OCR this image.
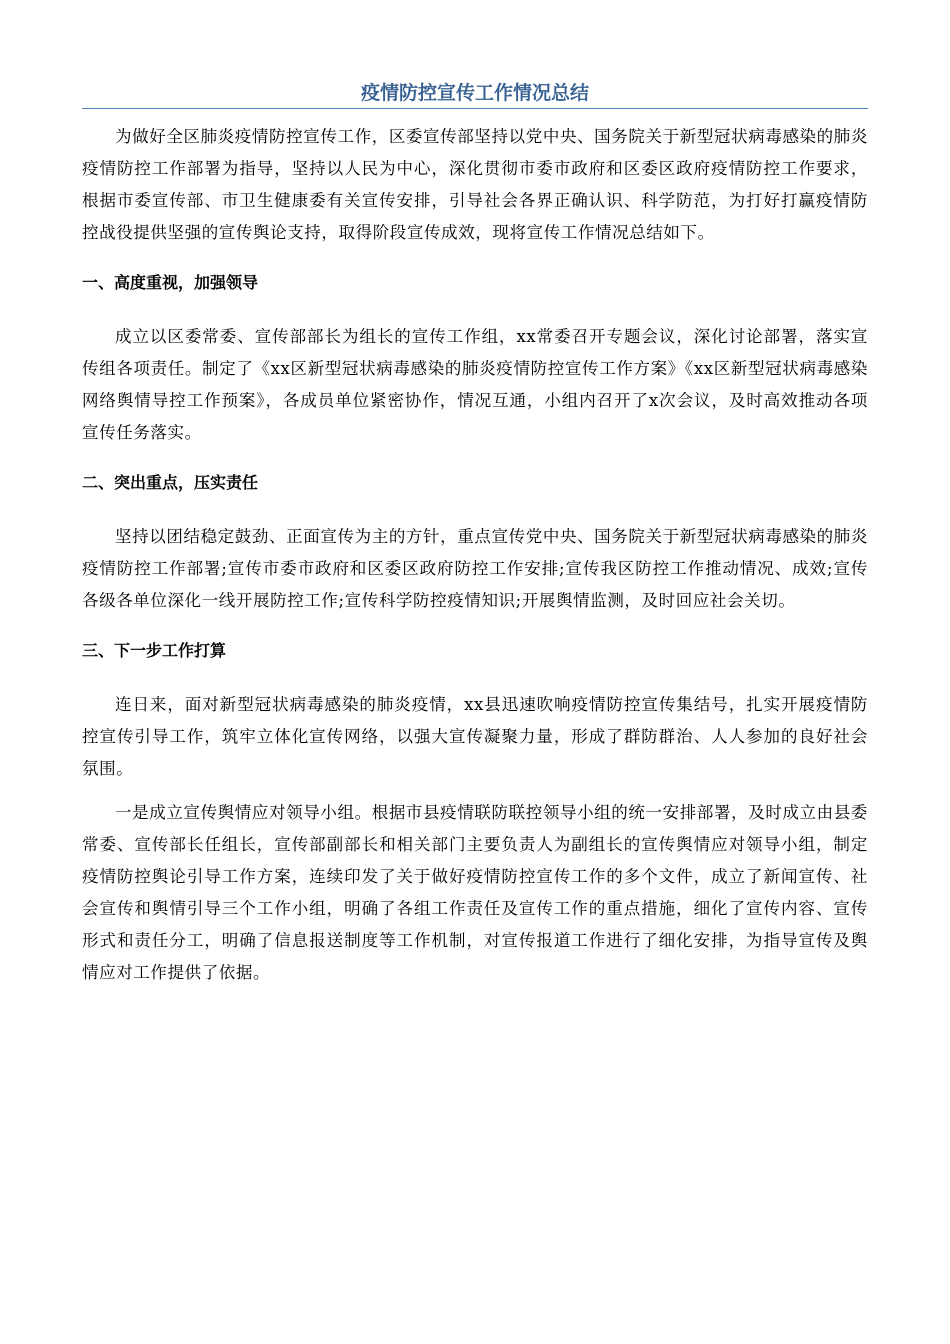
疫情防控宣传工作情况总结

为做好全区肺炎疫情防控宣传工作，区委宣传部坚持以党中央、国务院关于新型冠状病毒感染的肺炎疫情防控工作部署为指导，坚持以人民为中心，深化贯彻市委市政府和区委区政府疫情防控工作要求，根据市委宣传部、市卫生健康委有关宣传安排，引导社会各界正确认识、科学防范，为打好打赢疫情防控战役提供坚强的宣传舆论支持，取得阶段宣传成效，现将宣传工作情况总结如下。

一、高度重视，加强领导

成立以区委常委、宣传部部长为组长的宣传工作组，xx常委召开专题会议，深化讨论部署，落实宣传组各项责任。制定了《xx区新型冠状病毒感染的肺炎疫情防控宣传工作方案》《xx区新型冠状病毒感染网络舆情导控工作预案》，各成员单位紧密协作，情况互通，小组内召开了x次会议，及时高效推动各项宣传任务落实。

二、突出重点，压实责任

坚持以团结稳定鼓劲、正面宣传为主的方针，重点宣传党中央、国务院关于新型冠状病毒感染的肺炎疫情防控工作部署;宣传市委市政府和区委区政府防控工作安排;宣传我区防控工作推动情况、成效;宣传各级各单位深化一线开展防控工作;宣传科学防控疫情知识;开展舆情监测，及时回应社会关切。

三、下一步工作打算

连日来，面对新型冠状病毒感染的肺炎疫情，xx县迅速吹响疫情防控宣传集结号，扎实开展疫情防控宣传引导工作，筑牢立体化宣传网络，以强大宣传凝聚力量，形成了群防群治、人人参加的良好社会氛围。

一是成立宣传舆情应对领导小组。根据市县疫情联防联控领导小组的统一安排部署，及时成立由县委常委、宣传部长任组长，宣传部副部长和相关部门主要负责人为副组长的宣传舆情应对领导小组，制定疫情防控舆论引导工作方案，连续印发了关于做好疫情防控宣传工作的多个文件，成立了新闻宣传、社会宣传和舆情引导三个工作小组，明确了各组工作责任及宣传工作的重点措施，细化了宣传内容、宣传形式和责任分工，明确了信息报送制度等工作机制，对宣传报道工作进行了细化安排，为指导宣传及舆情应对工作提供了依据。
